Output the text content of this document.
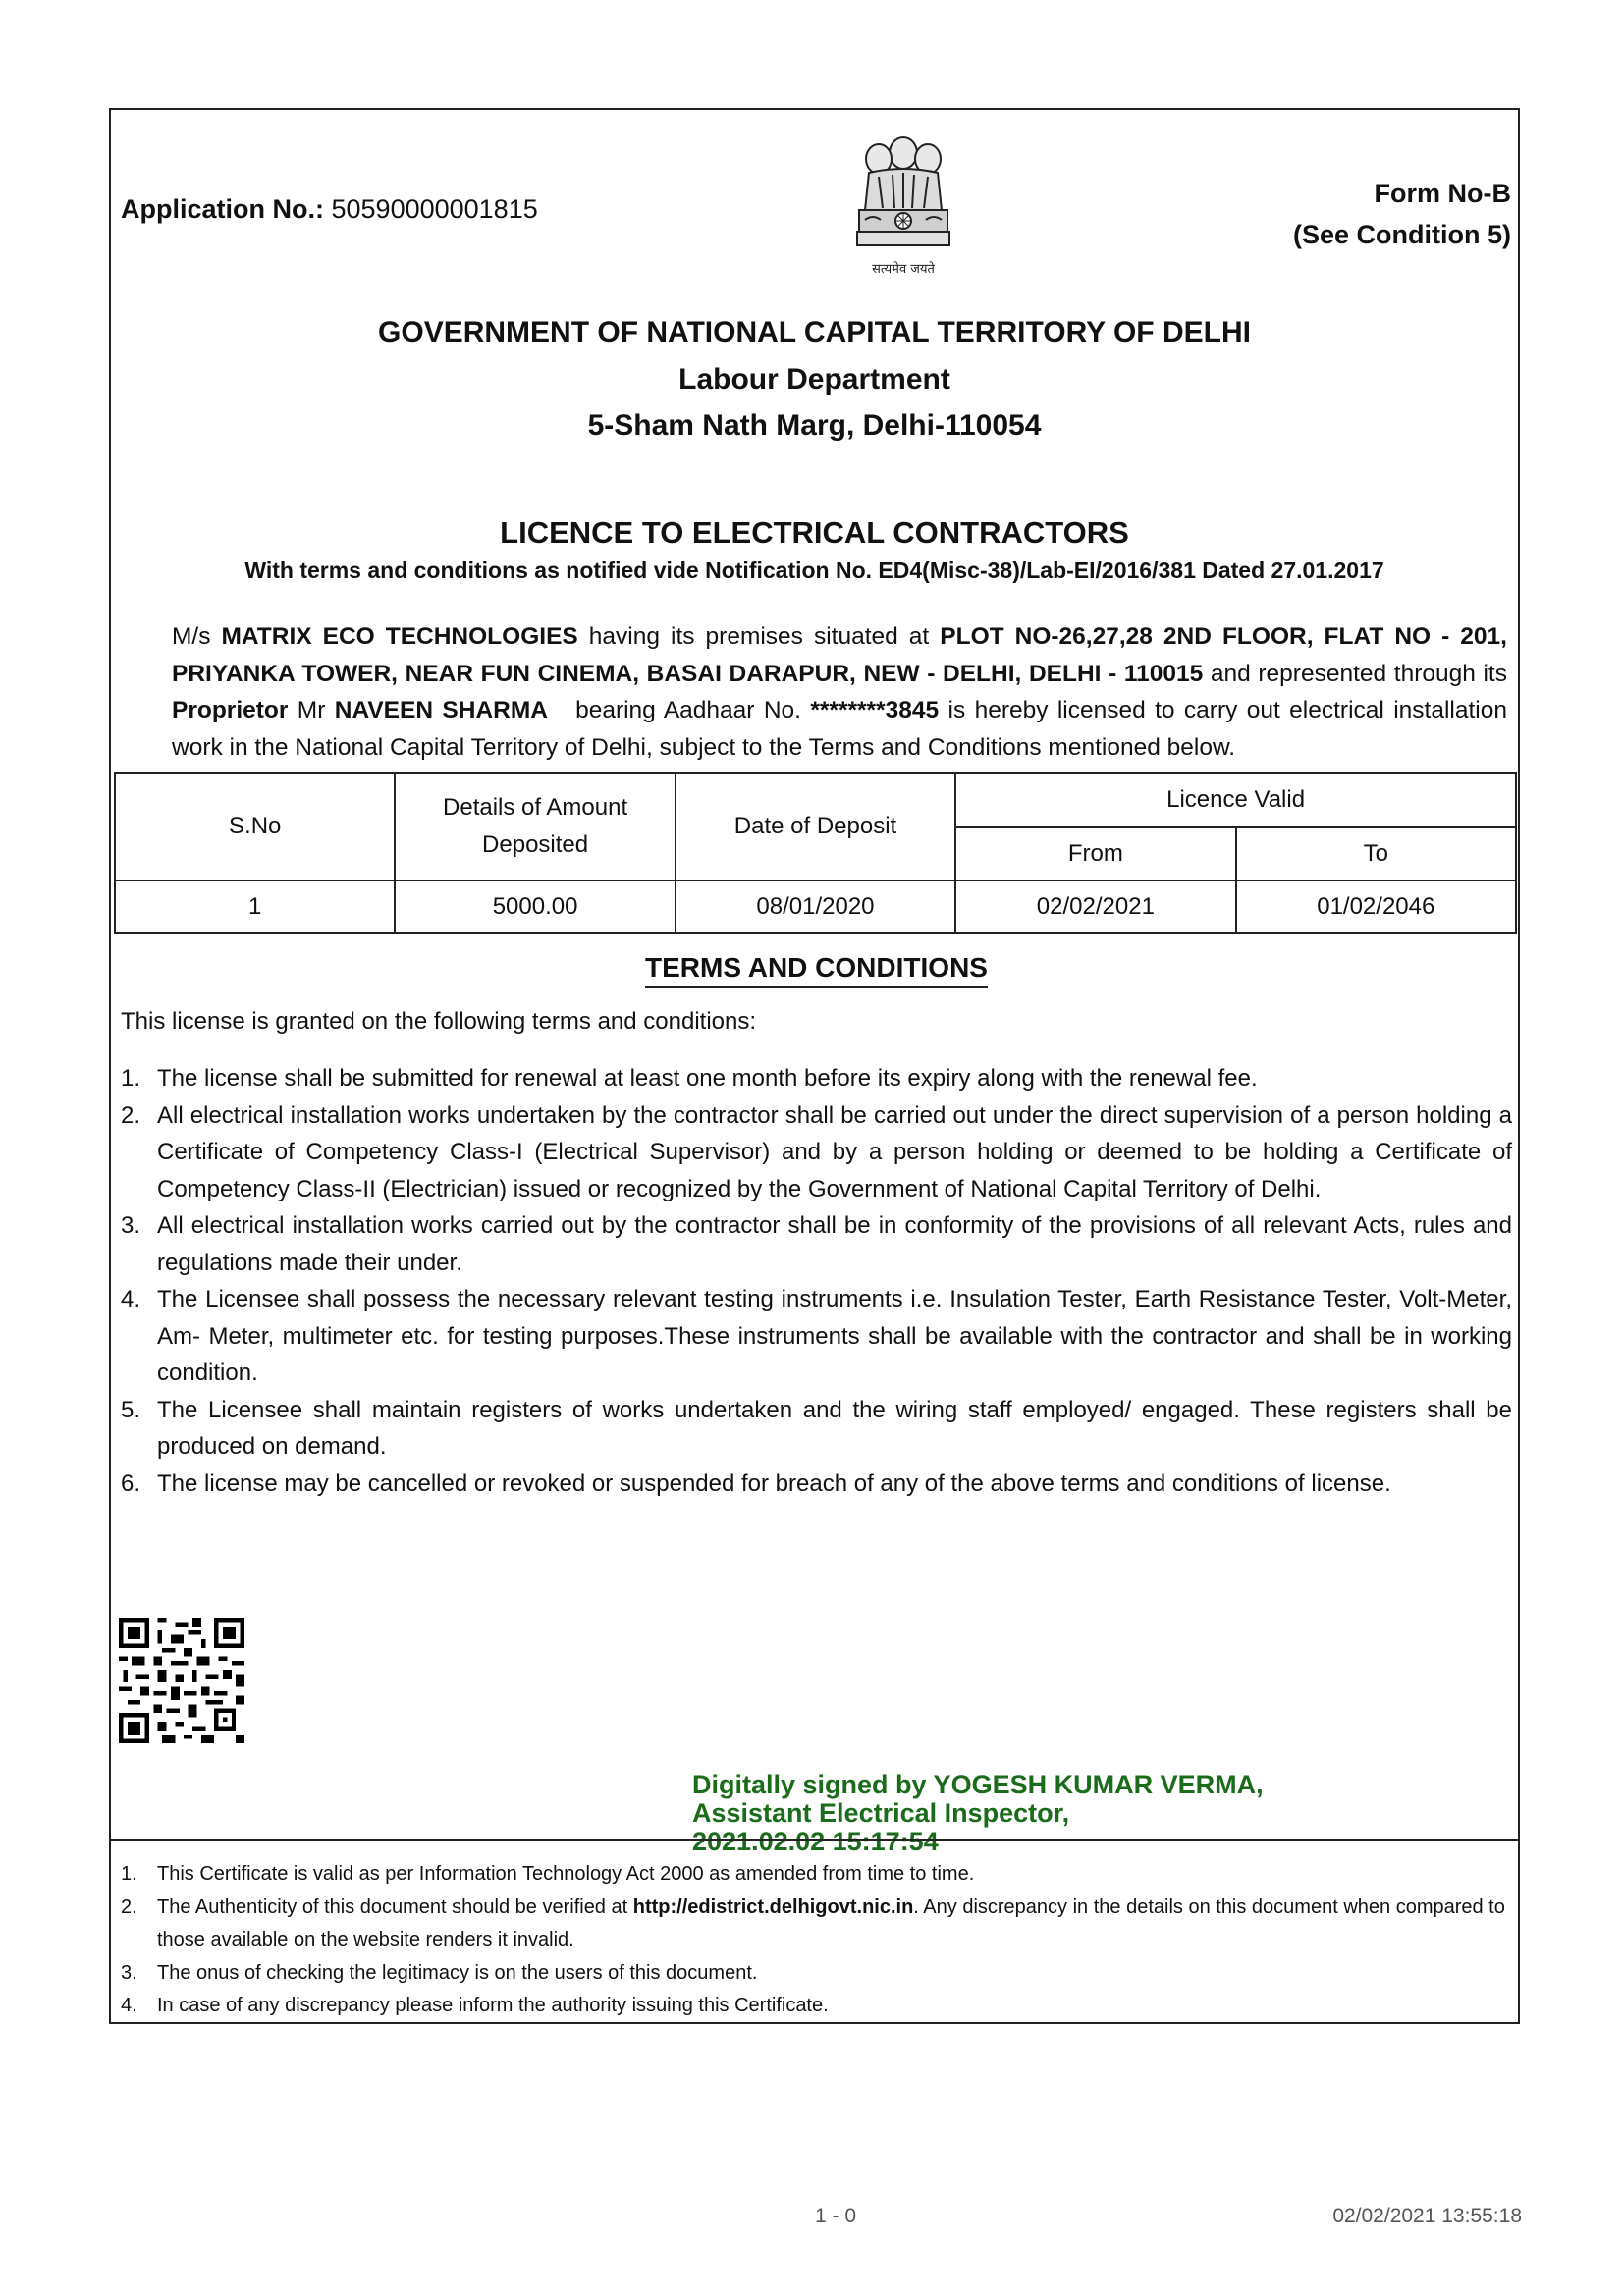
Application No.: 50590000001815
सत्यमेव जयते
Form No-B
(See Condition 5)
GOVERNMENT OF NATIONAL CAPITAL TERRITORY OF DELHI
Labour Department
5-Sham Nath Marg, Delhi-110054
LICENCE TO ELECTRICAL CONTRACTORS
With terms and conditions as notified vide Notification No. ED4(Misc-38)/Lab-EI/2016/381 Dated 27.01.2017
M/s MATRIX ECO TECHNOLOGIES having its premises situated at PLOT NO-26,27,28 2ND FLOOR, FLAT NO - 201, PRIYANKA TOWER, NEAR FUN CINEMA, BASAI DARAPUR, NEW - DELHI, DELHI - 110015 and represented through its Proprietor Mr NAVEEN SHARMA   bearing Aadhaar No. ********3845 is hereby licensed to carry out electrical installation work in the National Capital Territory of Delhi, subject to the Terms and Conditions mentioned below.
S.No	Details of Amount Deposited	Date of Deposit	Licence Valid	
			From	To
1	5000.00	08/01/2020	02/02/2021	01/02/2046
TERMS AND CONDITIONS
This license is granted on the following terms and conditions:
1. The license shall be submitted for renewal at least one month before its expiry along with the renewal fee.
2. All electrical installation works undertaken by the contractor shall be carried out under the direct supervision of a person holding a Certificate of Competency Class-I (Electrical Supervisor) and by a person holding or deemed to be holding a Certificate of Competency Class-II (Electrician) issued or recognized by the Government of National Capital Territory of Delhi.
3. All electrical installation works carried out by the contractor shall be in conformity of the provisions of all relevant Acts, rules and regulations made their under.
4. The Licensee shall possess the necessary relevant testing instruments i.e. Insulation Tester, Earth Resistance Tester, Volt-Meter, Am- Meter, multimeter etc. for testing purposes.These instruments shall be available with the contractor and shall be in working condition.
5. The Licensee shall maintain registers of works undertaken and the wiring staff employed/ engaged. These registers shall be produced on demand.
6. The license may be cancelled or revoked or suspended for breach of any of the above terms and conditions of license.
Digitally signed by YOGESH KUMAR VERMA,
Assistant Electrical Inspector,
2021.02.02 15:17:54
1. This Certificate is valid as per Information Technology Act 2000 as amended from time to time.
2. The Authenticity of this document should be verified at http://edistrict.delhigovt.nic.in. Any discrepancy in the details on this document when compared to those available on the website renders it invalid.
3. The onus of checking the legitimacy is on the users of this document.
4. In case of any discrepancy please inform the authority issuing this Certificate.
1 - 0	02/02/2021 13:55:18
